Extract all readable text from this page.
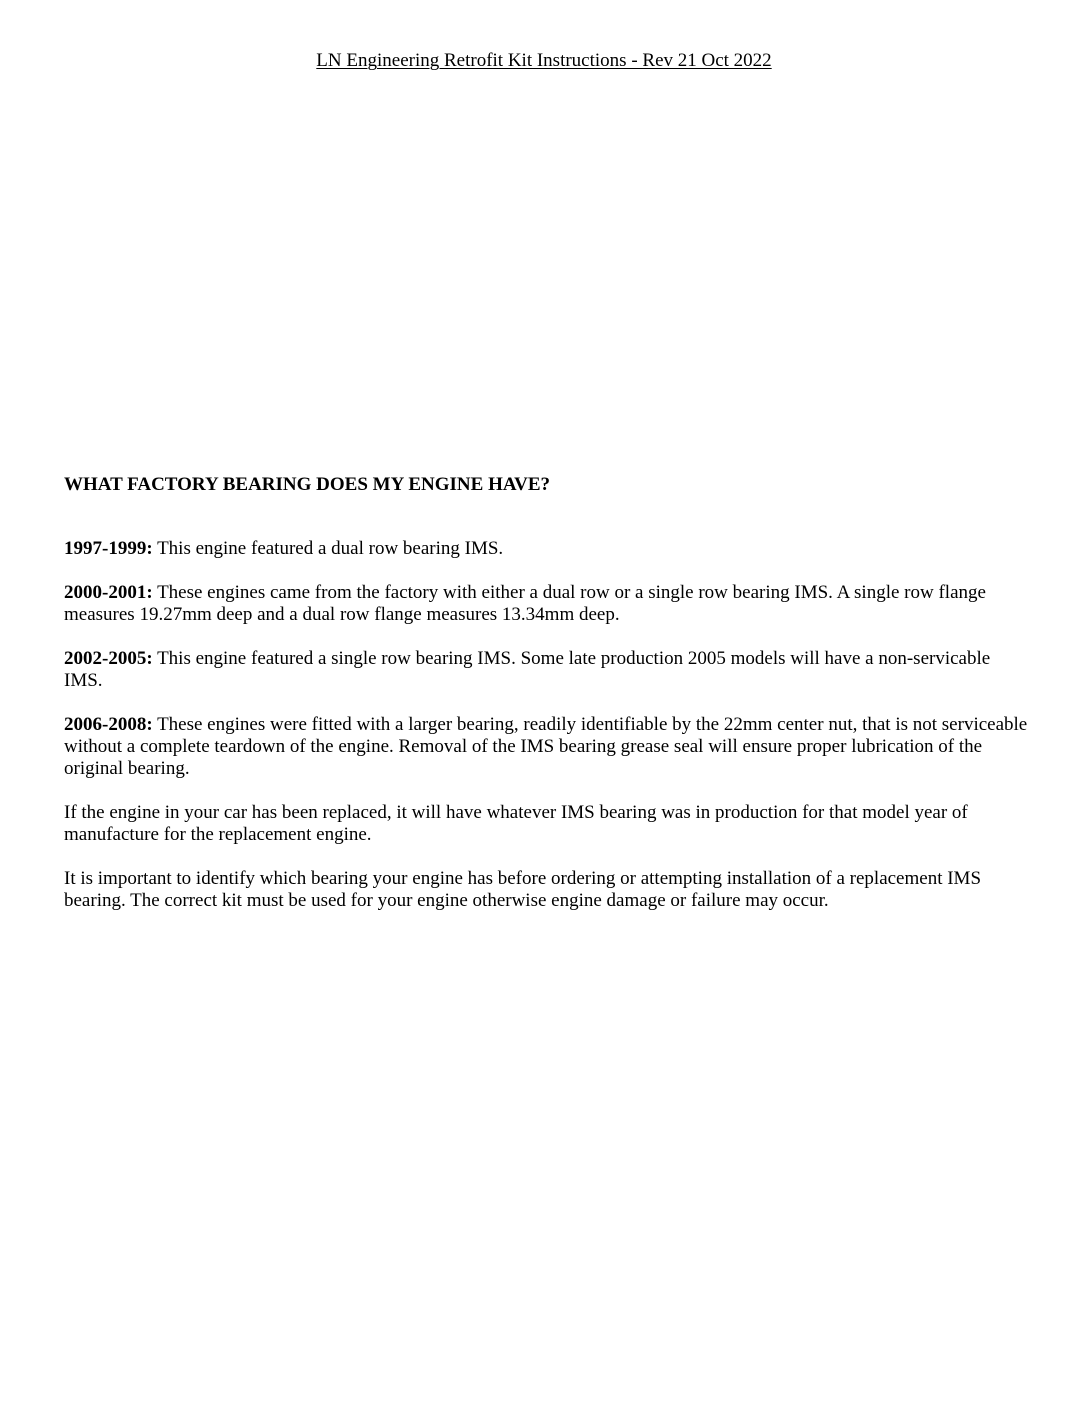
LN Engineering Retrofit Kit Instructions - Rev 21 Oct 2022

WHAT FACTORY BEARING DOES MY ENGINE HAVE?

1997-1999: This engine featured a dual row bearing IMS.

2000-2001: These engines came from the factory with either a dual row or a single row bearing IMS. A single row flange measures 19.27mm deep and a dual row flange measures 13.34mm deep.

2002-2005: This engine featured a single row bearing IMS. Some late production 2005 models will have a non-servicable IMS.

2006-2008: These engines were fitted with a larger bearing, readily identifiable by the 22mm center nut, that is not serviceable without a complete teardown of the engine. Removal of the IMS bearing grease seal will ensure proper lubrication of the original bearing.

If the engine in your car has been replaced, it will have whatever IMS bearing was in production for that model year of manufacture for the replacement engine.

It is important to identify which bearing your engine has before ordering or attempting installation of a replacement IMS bearing. The correct kit must be used for your engine otherwise engine damage or failure may occur.
